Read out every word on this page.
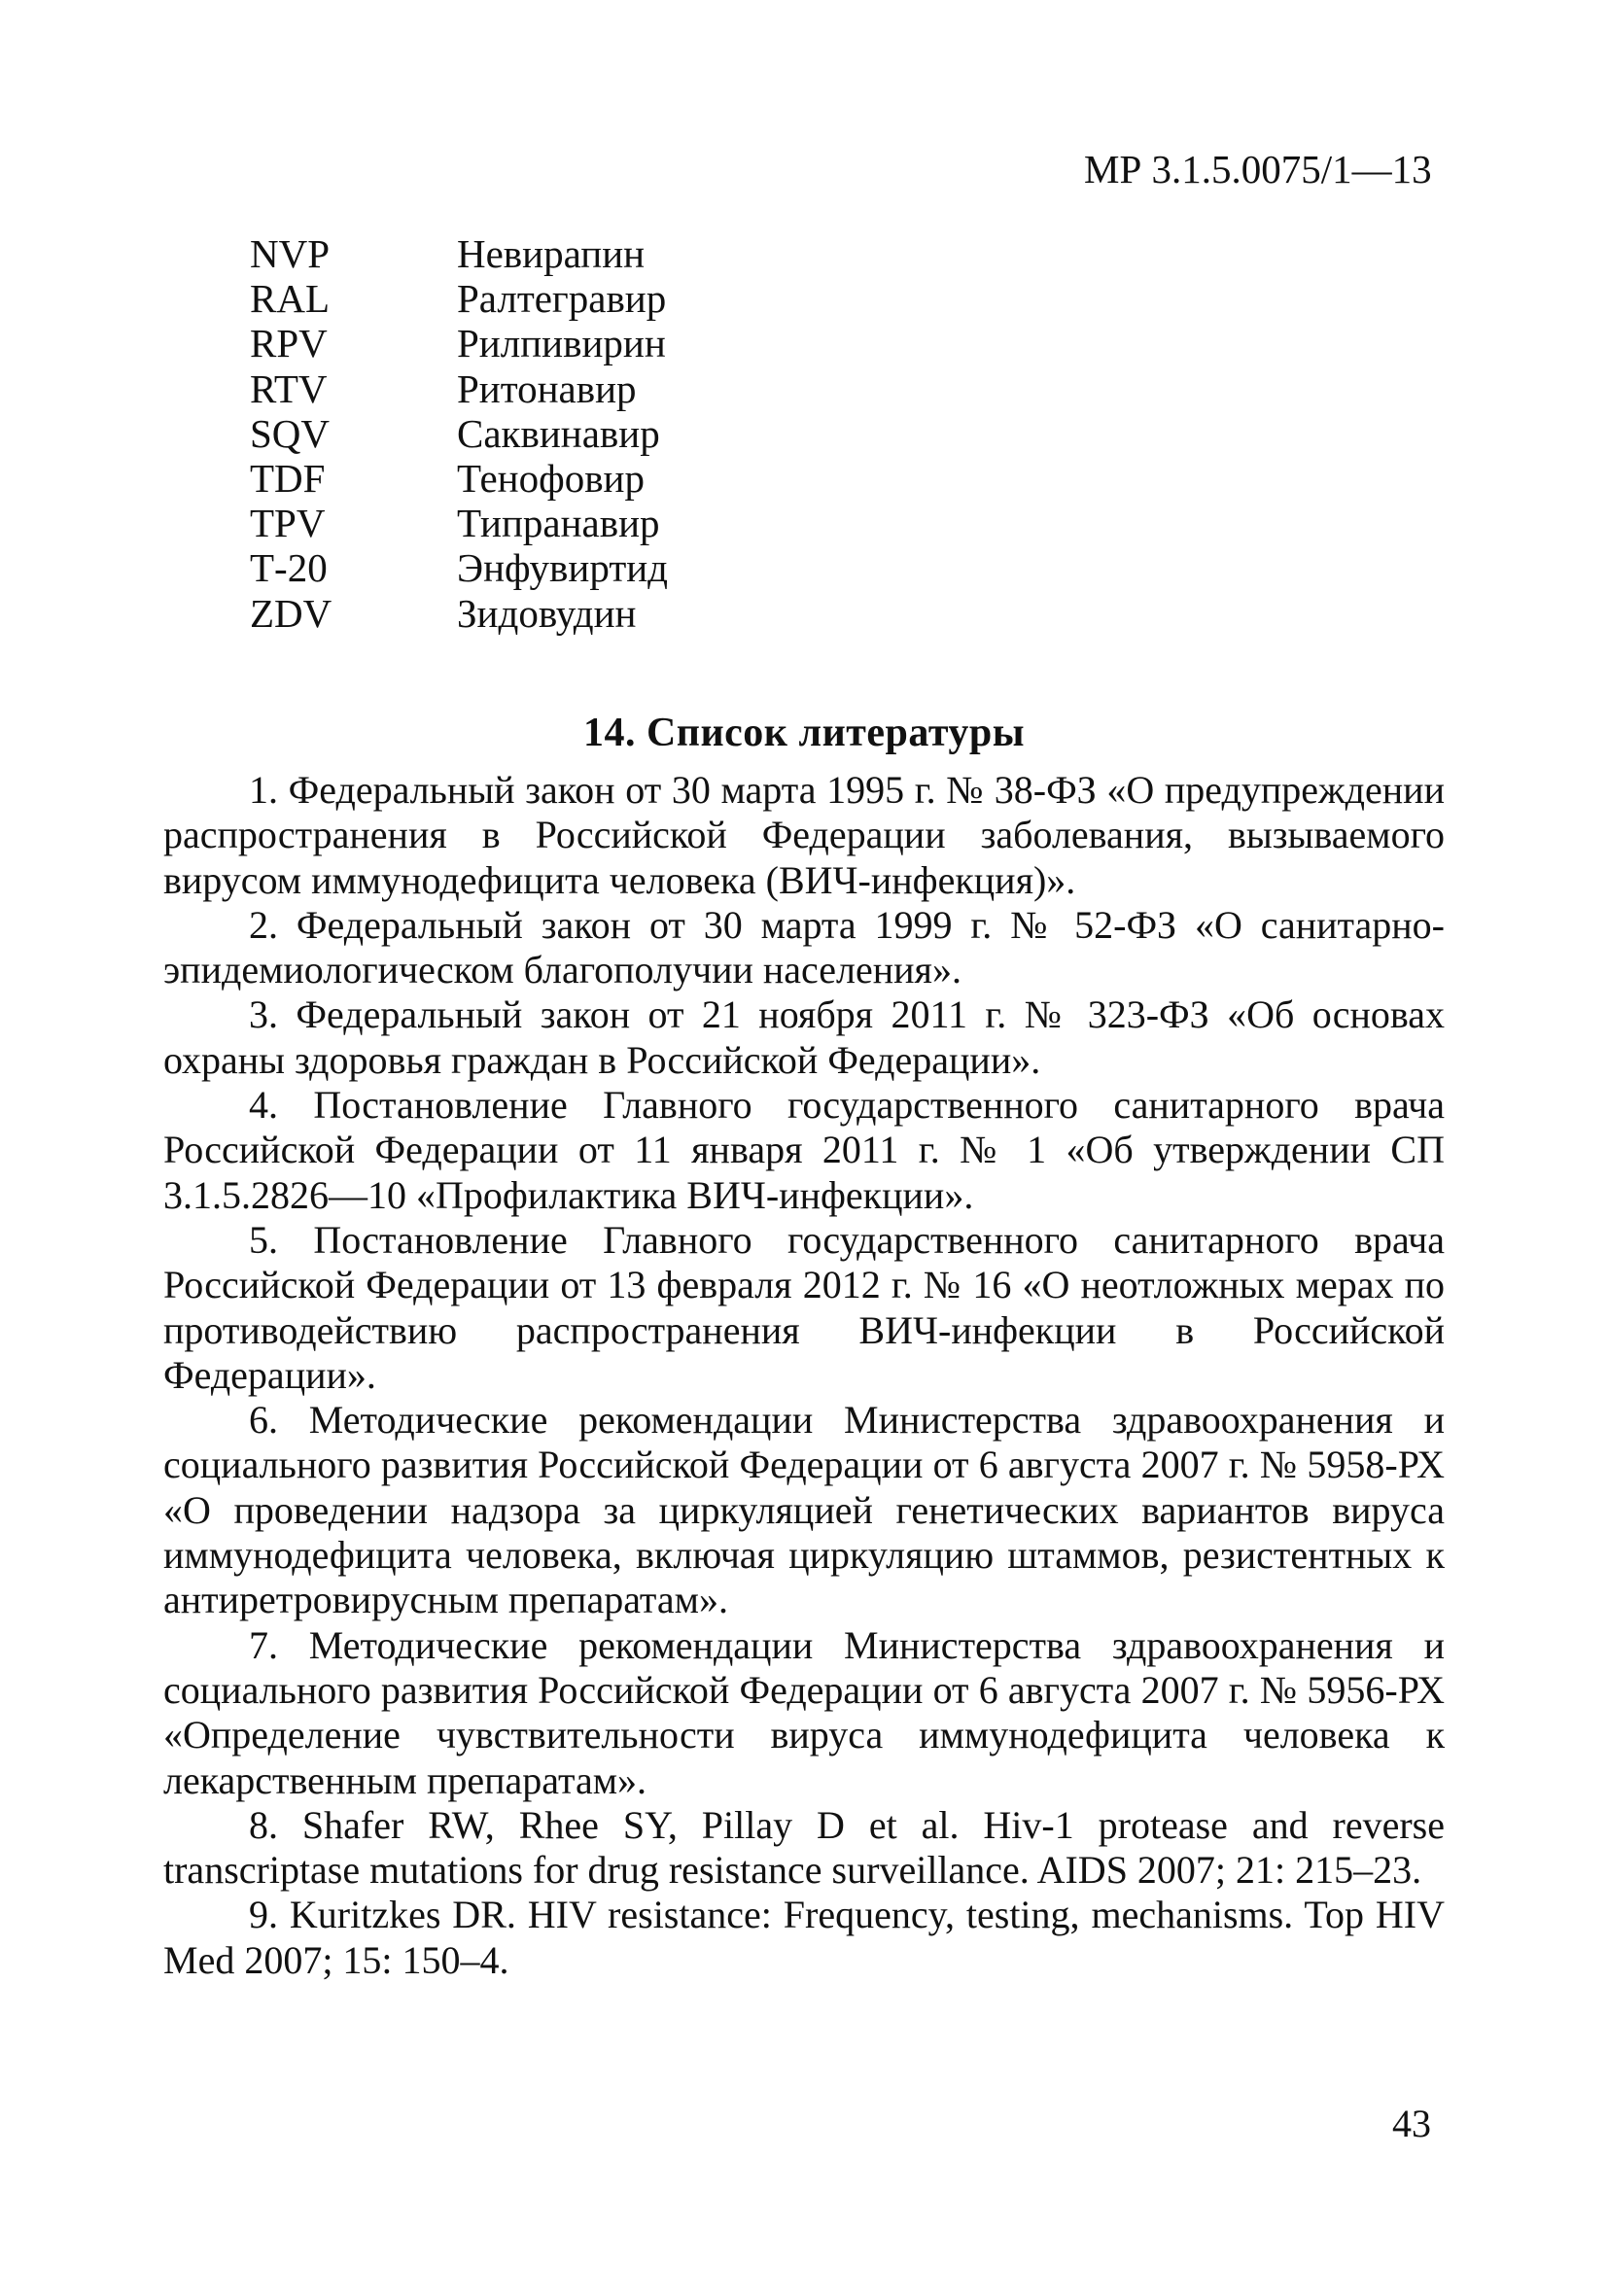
МР 3.1.5.0075/1—13
NVP	Невирапин
RAL	Ралтегравир
RPV	Рилпивирин
RTV	Ритонавир
SQV	Саквинавир
TDF	Тенофовир
TPV	Типранавир
Т-20	Энфувиртид
ZDV	Зидовудин
14. Список литературы
1. Федеральный закон от 30 марта 1995 г. № 38-ФЗ «О предупреждении распространения в Российской Федерации заболевания, вызываемого вирусом иммунодефицита человека (ВИЧ-инфекция)».
2. Федеральный закон от 30 марта 1999 г. № 52-ФЗ «О санитарно-эпидемиологическом благополучии населения».
3. Федеральный закон от 21 ноября 2011 г. № 323-ФЗ «Об основах охраны здоровья граждан в Российской Федерации».
4. Постановление Главного государственного санитарного врача Российской Федерации от 11 января 2011 г. № 1 «Об утверждении СП 3.1.5.2826—10 «Профилактика ВИЧ-инфекции».
5. Постановление Главного государственного санитарного врача Российской Федерации от 13 февраля 2012 г. № 16 «О неотложных мерах по противодействию распространения ВИЧ-инфекции в Российской Федерации».
6. Методические рекомендации Министерства здравоохранения и социального развития Российской Федерации от 6 августа 2007 г. № 5958-РХ «О проведении надзора за циркуляцией генетических вариантов вируса иммунодефицита человека, включая циркуляцию штаммов, резистентных к антиретровирусным препаратам».
7. Методические рекомендации Министерства здравоохранения и социального развития Российской Федерации от 6 августа 2007 г. № 5956-РХ «Определение чувствительности вируса иммунодефицита человека к лекарственным препаратам».
8. Shafer RW, Rhee SY, Pillay D et al. Hiv-1 protease and reverse transcriptase mutations for drug resistance surveillance. AIDS 2007; 21: 215–23.
9. Kuritzkes DR. HIV resistance: Frequency, testing, mechanisms. Top HIV Med 2007; 15: 150–4.
43
